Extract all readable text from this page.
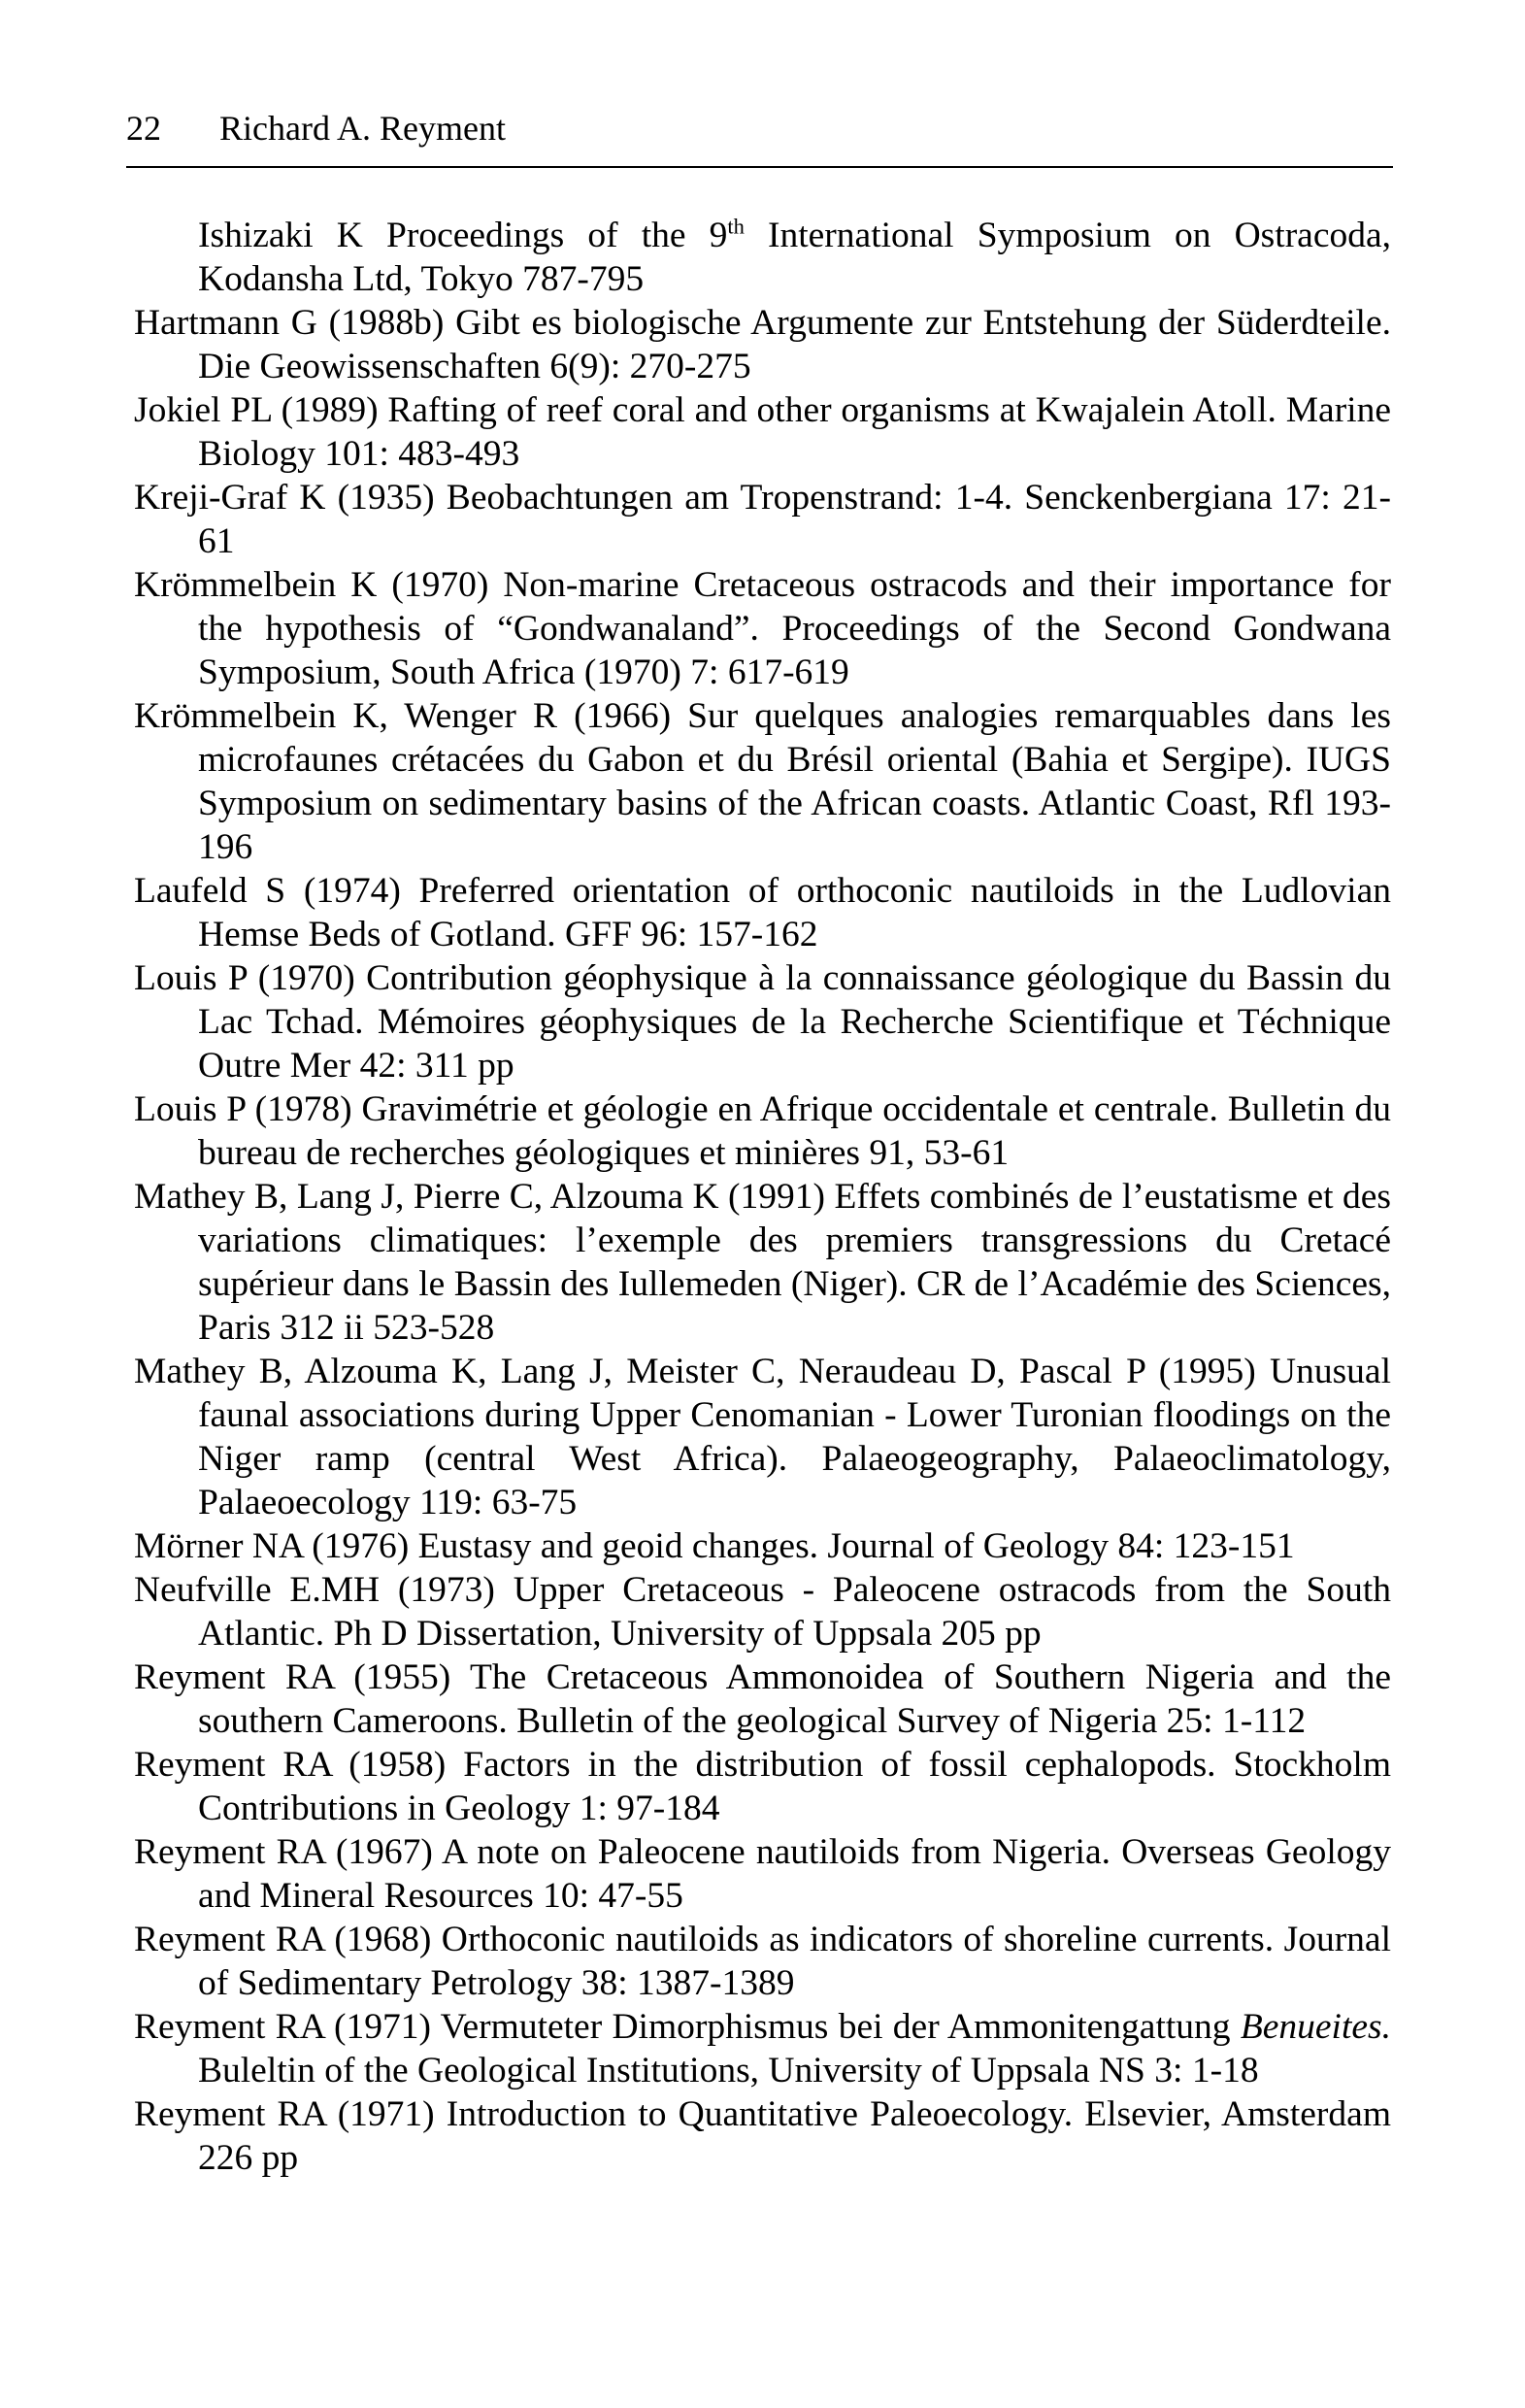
22 Richard A. Reyment
Ishizaki K Proceedings of the 9th International Symposium on Ostracoda, Kodansha Ltd, Tokyo 787-795
Hartmann G (1988b) Gibt es biologische Argumente zur Entstehung der Süderdteile. Die Geowissenschaften 6(9): 270-275
Jokiel PL (1989) Rafting of reef coral and other organisms at Kwajalein Atoll. Marine Biology 101: 483-493
Kreji-Graf K (1935) Beobachtungen am Tropenstrand: 1-4. Senckenbergiana 17: 21-61
Krömmelbein K (1970) Non-marine Cretaceous ostracods and their importance for the hypothesis of “Gondwanaland”. Proceedings of the Second Gondwana Symposium, South Africa (1970) 7: 617-619
Krömmelbein K, Wenger R (1966) Sur quelques analogies remarquables dans les microfaunes crétacées du Gabon et du Brésil oriental (Bahia et Sergipe). IUGS Symposium on sedimentary basins of the African coasts. Atlantic Coast, Rfl 193-196
Laufeld S (1974) Preferred orientation of orthoconic nautiloids in the Ludlovian Hemse Beds of Gotland. GFF 96: 157-162
Louis P (1970) Contribution géophysique à la connaissance géologique du Bassin du Lac Tchad. Mémoires géophysiques de la Recherche Scientifique et Téchnique Outre Mer 42: 311 pp
Louis P (1978) Gravimétrie et géologie en Afrique occidentale et centrale. Bulletin du bureau de recherches géologiques et minières 91, 53-61
Mathey B, Lang J, Pierre C, Alzouma K (1991) Effets combinés de l’eustatisme et des variations climatiques: l’exemple des premiers transgressions du Cretacé supérieur dans le Bassin des Iullemeden (Niger). CR de l’Académie des Sciences, Paris 312 ii 523-528
Mathey B, Alzouma K, Lang J, Meister C, Neraudeau D, Pascal P (1995) Unusual faunal associations during Upper Cenomanian - Lower Turonian floodings on the Niger ramp (central West Africa). Palaeogeography, Palaeoclimatology, Palaeoecology 119: 63-75
Mörner NA (1976) Eustasy and geoid changes. Journal of Geology 84: 123-151
Neufville E.MH (1973) Upper Cretaceous - Paleocene ostracods from the South Atlantic. Ph D Dissertation, University of Uppsala 205 pp
Reyment RA (1955) The Cretaceous Ammonoidea of Southern Nigeria and the southern Cameroons. Bulletin of the geological Survey of Nigeria 25: 1-112
Reyment RA (1958) Factors in the distribution of fossil cephalopods. Stockholm Contributions in Geology 1: 97-184
Reyment RA (1967) A note on Paleocene nautiloids from Nigeria. Overseas Geology and Mineral Resources 10: 47-55
Reyment RA (1968) Orthoconic nautiloids as indicators of shoreline currents. Journal of Sedimentary Petrology 38: 1387-1389
Reyment RA (1971) Vermuteter Dimorphismus bei der Ammonitengattung Benueites. Buleltin of the Geological Institutions, University of Uppsala NS 3: 1-18
Reyment RA (1971) Introduction to Quantitative Paleoecology. Elsevier, Amsterdam 226 pp
